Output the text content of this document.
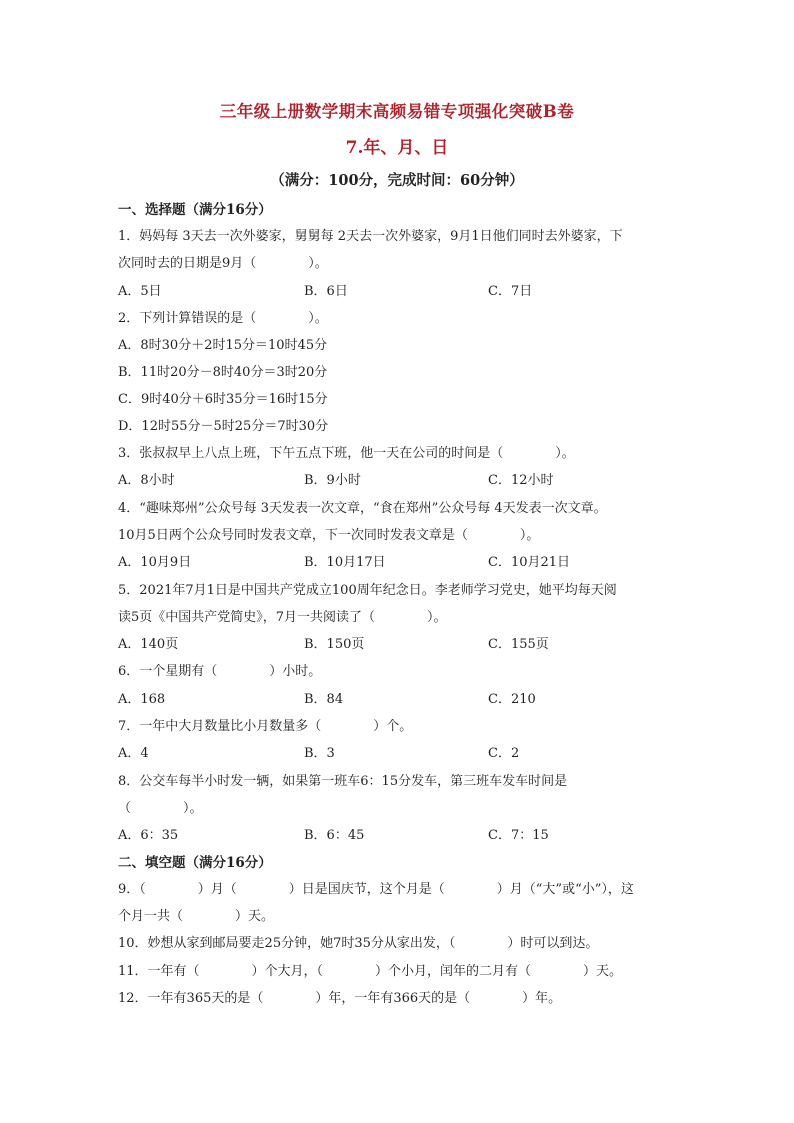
三年级上册数学期末高频易错专项强化突破B卷
7.年、月、日
（满分：100分，完成时间：60分钟）
一、选择题（满分16分）
1．妈妈每 3天去一次外婆家，舅舅每 2天去一次外婆家，9月1日他们同时去外婆家，下
次同时去的日期是9月（　　　　）。
A．5日	B．6日	C．7日
2．下列计算错误的是（　　　　）。
A．8时30分＋2时15分＝10时45分
B．11时20分－8时40分＝3时20分
C．9时40分＋6时35分＝16时15分
D．12时55分－5时25分＝7时30分
3．张叔叔早上八点上班，下午五点下班，他一天在公司的时间是（　　　　）。
A．8小时	B．9小时	C．12小时
4．“趣味郑州”公众号每 3天发表一次文章，“食在郑州”公众号每 4天发表一次文章。
10月5日两个公众号同时发表文章，下一次同时发表文章是（　　　　）。
A．10月9日	B．10月17日	C．10月21日
5．2021年7月1日是中国共产党成立100周年纪念日。李老师学习党史，她平均每天阅
读5页《中国共产党简史》，7月一共阅读了（　　　　）。
A．140页	B．150页	C．155页
6．一个星期有（　　　　）小时。
A．168	B．84	C．210
7．一年中大月数量比小月数量多（　　　　）个。
A．4	B．3	C．2
8．公交车每半小时发一辆，如果第一班车6：15分发车，第三班车发车时间是
（　　　　）。
A．6：35	B．6：45	C．7：15
二、填空题（满分16分）
9．（　　　　）月（　　　　）日是国庆节，这个月是（　　　　）月（“大”或“小”），这
个月一共（　　　　）天。
10．妙想从家到邮局要走25分钟，她7时35分从家出发，（　　　　）时可以到达。
11．一年有（　　　　）个大月，（　　　　）个小月，闰年的二月有（　　　　）天。
12．一年有365天的是（　　　　）年，一年有366天的是（　　　　）年。
